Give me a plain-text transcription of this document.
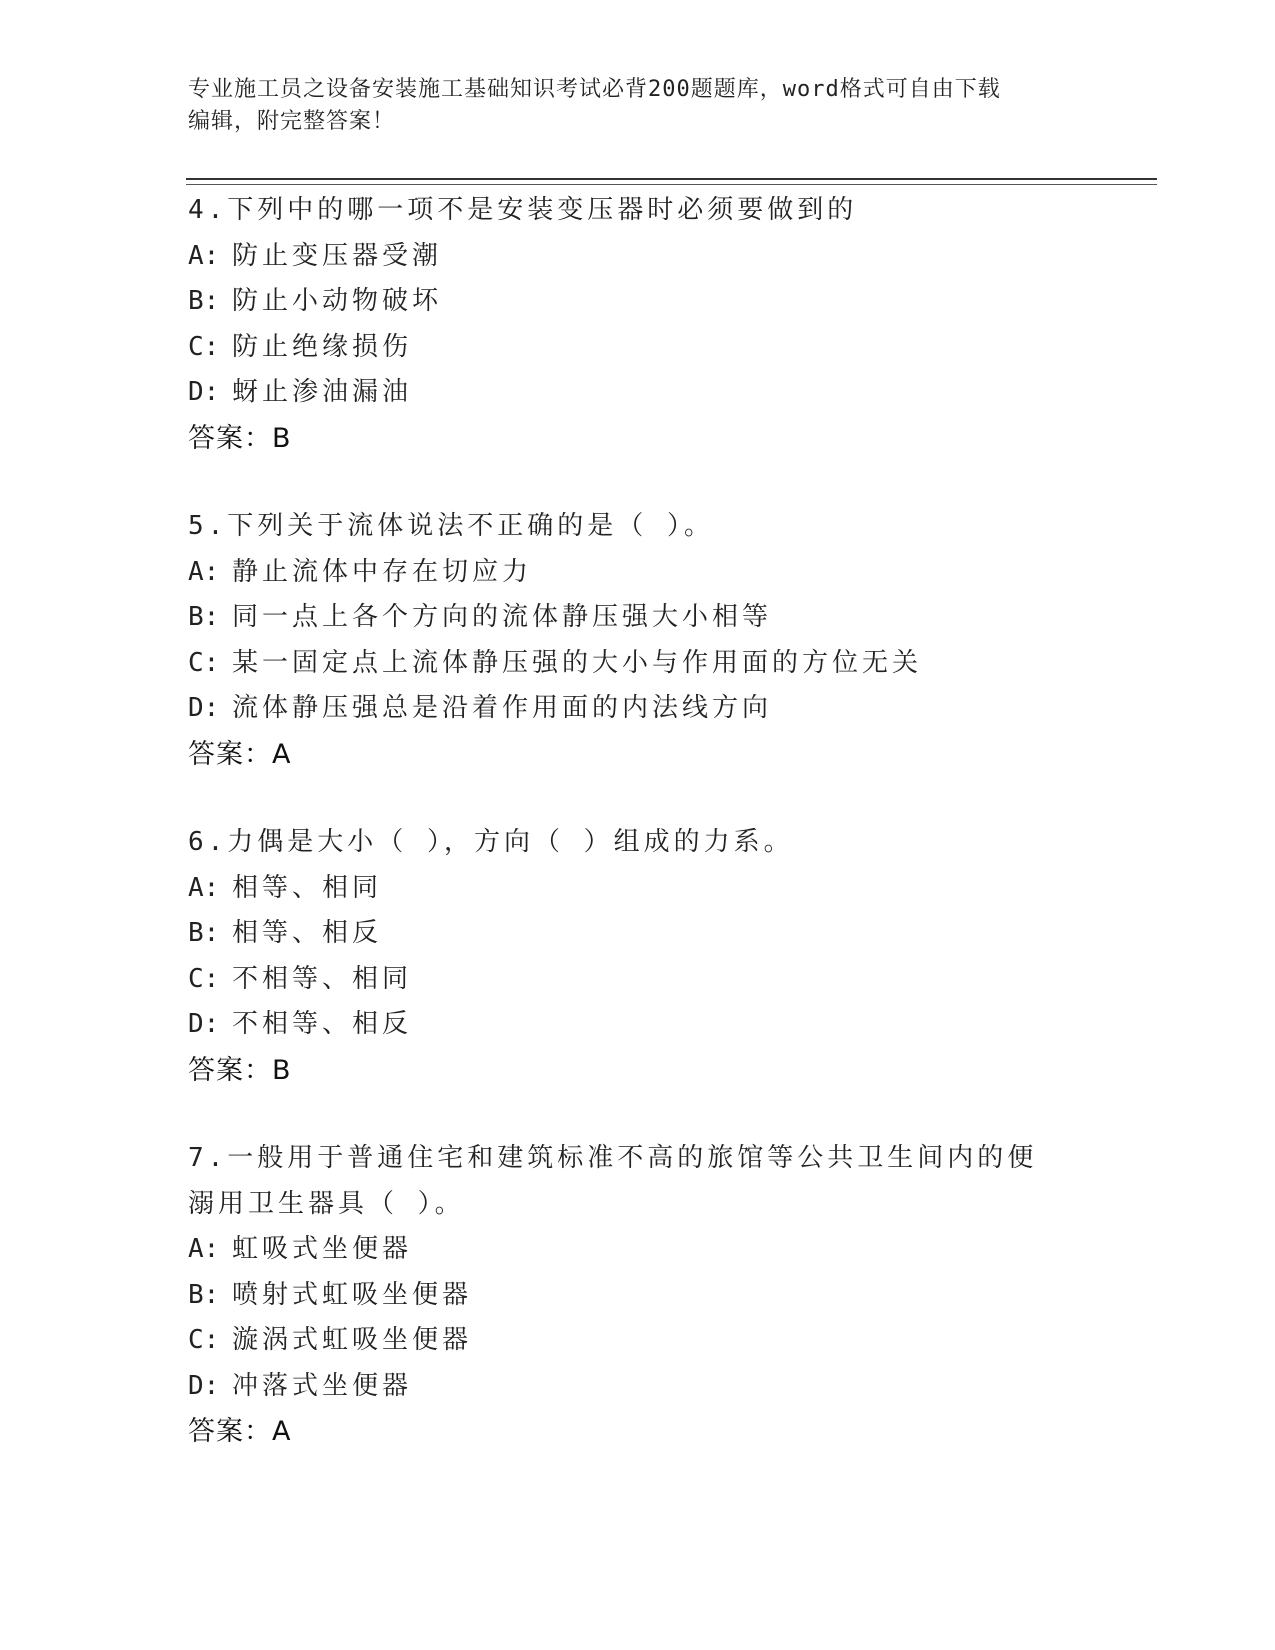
专业施工员之设备安装施工基础知识考试必背200题题库，word格式可自由下载
编辑，附完整答案！

4.下列中的哪一项不是安装变压器时必须要做到的

A: 防止变压器受潮

B: 防止小动物破坏

C: 防止绝缘损伤

D: 蚜止渗油漏油

答案：B

5.下列关于流体说法不正确的是（ ）。

A: 静止流体中存在切应力

B: 同一点上各个方向的流体静压强大小相等

C: 某一固定点上流体静压强的大小与作用面的方位无关

D: 流体静压强总是沿着作用面的内法线方向

答案：A

6.力偶是大小（ ），方向（ ）组成的力系。

A: 相等、相同

B: 相等、相反

C: 不相等、相同

D: 不相等、相反

答案：B

7.一般用于普通住宅和建筑标准不高的旅馆等公共卫生间内的便溺用卫生器具（ ）。

A: 虹吸式坐便器

B: 喷射式虹吸坐便器

C: 漩涡式虹吸坐便器

D: 冲落式坐便器

答案：A
